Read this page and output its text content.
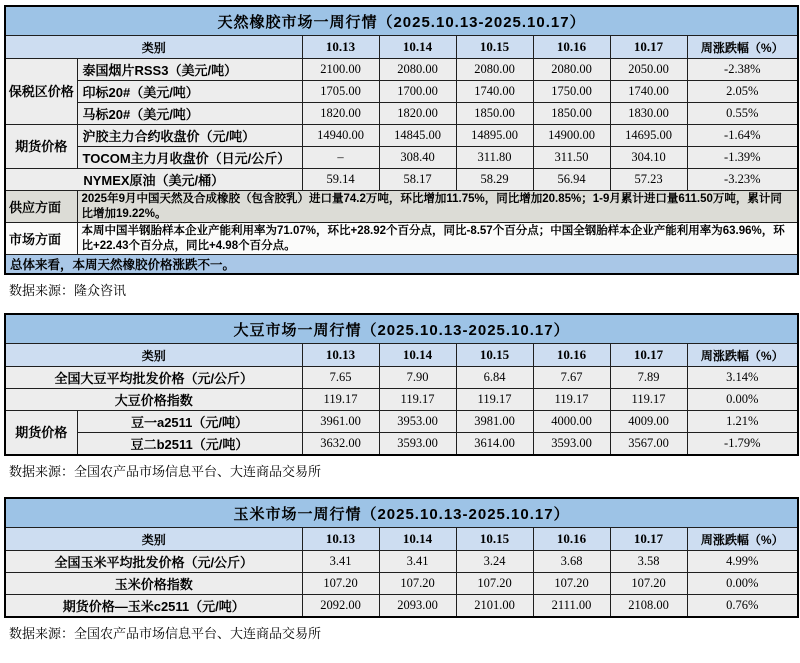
天然橡胶市场一周行情（2025.10.13-2025.10.17）							
类别		10.13	10.14	10.15	10.16	10.17	周涨跌幅（%）
保税区价格	泰国烟片RSS3（美元/吨）	2100.00	2080.00	2080.00	2080.00	2050.00	-2.38%
	印标20#（美元/吨）	1705.00	1700.00	1740.00	1750.00	1740.00	2.05%
	马标20#（美元/吨）	1820.00	1820.00	1850.00	1850.00	1830.00	0.55%
期货价格	沪胶主力合约收盘价（元/吨）	14940.00	14845.00	14895.00	14900.00	14695.00	-1.64%
	TOCOM主力月收盘价（日元/公斤）	–	308.40	311.80	311.50	304.10	-1.39%
NYMEX原油（美元/桶）		59.14	58.17	58.29	56.94	57.23	-3.23%
供应方面	2025年9月中国天然及合成橡胶（包含胶乳）进口量74.2万吨，环比增加11.75%，同比增加20.85%；1-9月累计进口量611.50万吨，累计同比增加19.22%。						
市场方面	本周中国半钢胎样本企业产能利用率为71.07%，环比+28.92个百分点，同比-8.57个百分点；中国全钢胎样本企业产能利用率为63.96%，环比+22.43个百分点，同比+4.98个百分点。						
总体来看，本周天然橡胶价格涨跌不一。							
数据来源：隆众咨讯
大豆市场一周行情（2025.10.13-2025.10.17）							
类别		10.13	10.14	10.15	10.16	10.17	周涨跌幅（%）
全国大豆平均批发价格（元/公斤）		7.65	7.90	6.84	7.67	7.89	3.14%
大豆价格指数		119.17	119.17	119.17	119.17	119.17	0.00%
期货价格	豆一a2511（元/吨）	3961.00	3953.00	3981.00	4000.00	4009.00	1.21%
	豆二b2511（元/吨）	3632.00	3593.00	3614.00	3593.00	3567.00	-1.79%
数据来源：全国农产品市场信息平台、大连商品交易所
玉米市场一周行情（2025.10.13-2025.10.17）						
类别	10.13	10.14	10.15	10.16	10.17	周涨跌幅（%）
全国玉米平均批发价格（元/公斤）	3.41	3.41	3.24	3.68	3.58	4.99%
玉米价格指数	107.20	107.20	107.20	107.20	107.20	0.00%
期货价格—玉米c2511（元/吨）	2092.00	2093.00	2101.00	2111.00	2108.00	0.76%
数据来源：全国农产品市场信息平台、大连商品交易所
